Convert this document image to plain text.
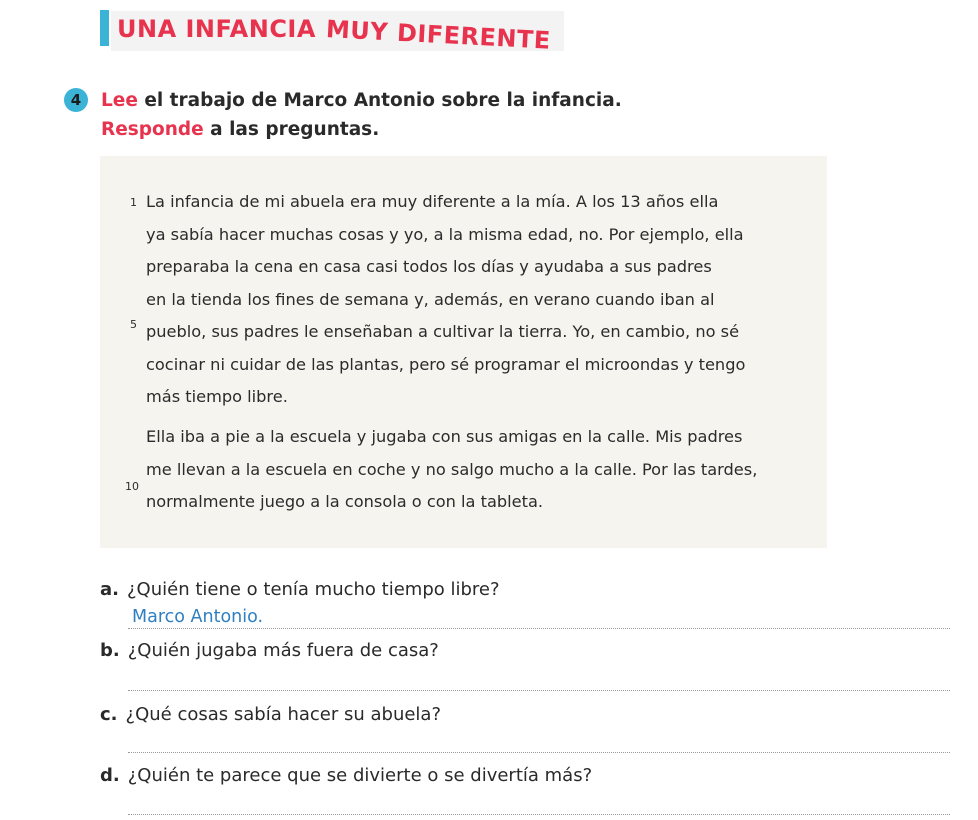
UNA INFANCIA MUY DIFERENTE
4	Lee el trabajo de Marco Antonio sobre la infancia.
Responde a las preguntas.
1
5
10
La infancia de mi abuela era muy diferente a la mía. A los 13 años ella
ya sabía hacer muchas cosas y yo, a la misma edad, no. Por ejemplo, ella
preparaba la cena en casa casi todos los días y ayudaba a sus padres
en la tienda los fines de semana y, además, en verano cuando iban al
pueblo, sus padres le enseñaban a cultivar la tierra. Yo, en cambio, no sé
cocinar ni cuidar de las plantas, pero sé programar el microondas y tengo
más tiempo libre.
Ella iba a pie a la escuela y jugaba con sus amigas en la calle. Mis padres
me llevan a la escuela en coche y no salgo mucho a la calle. Por las tardes,
normalmente juego a la consola o con la tableta.
a. ¿Quién tiene o tenía mucho tiempo libre?
Marco Antonio.
b. ¿Quién jugaba más fuera de casa?
c. ¿Qué cosas sabía hacer su abuela?
d. ¿Quién te parece que se divierte o se divertía más?
